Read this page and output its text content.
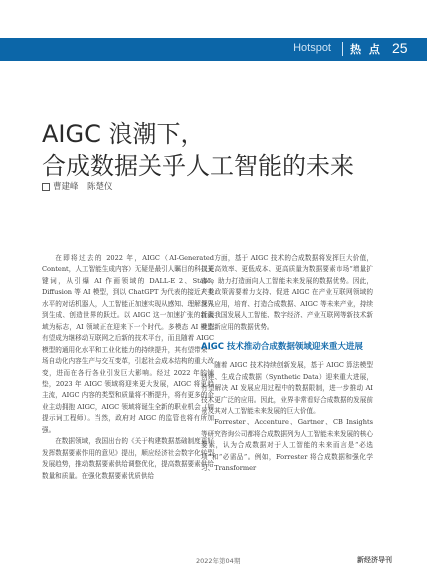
Hotspot 热 点 25
AIGC 浪潮下，
合成数据关乎人工智能的未来
曹建峰　陈楚仪

在即将过去的 2022 年，AIGC（AI-Generated Content，人工智能生成内容）无疑是最引人瞩目的科技关键词，从引爆 AI 作画领域的 DALL-E 2、Stable Diffusion 等 AI 模型，到以 ChatGPT 为代表的接近人类水平的对话机器人，人工智能正加速实现从感知、理解世界到生成、创造世界的跃迁。以 AIGC 这一加速扩张的新疆域为标志，AI 领域正在迎来下一个时代。多模态 AI 模型有望成为继移动互联网之后新的技术平台，而且随着 AIGC 模型的通用化水平和工业化能力的持续提升，其有望带来一场自动化内容生产与交互变革，引起社会成本结构的重大改变，进而在各行各业引发巨大影响。经过 2022 年的铺垫，2023 年 AIGC 领域将迎来更大发展，AIGC 将更趋主流，AIGC 内容的类型和质量将不断提升，将有更多的企业主动拥抱 AIGC，AIGC 领域将诞生全新的职业机会（如提示词工程师）。当然，政府对 AIGC 的监管也将有所加强。

在数据领域，我国出台的《关于构建数据基础制度更好发挥数据要素作用的意见》提出，顺应经济社会数字化转型发展趋势，推动数据要素供给调整优化，提高数据要素供给数量和质量。在强化数据要素优质供给

方面，基于 AIGC 技术的合成数据将发挥巨大价值，以更高效率、更低成本、更高质量为数据要素市场“增量扩容”，助力打造面向人工智能未来发展的数据优势。因此，产业政策需要着力支持、促进 AIGC 在产业互联网领域的深入应用，培育、打造合成数据、AIGC 等未来产业，持续壮大我国发展人工智能、数字经济、产业互联网等新技术新业态新应用的数据优势。

AIGC 技术推动合成数据领域迎来重大进展

随着 AIGC 技术持续创新发展，基于 AIGC 算法模型创建、生成合成数据（Synthetic Data）迎来重大进展，有望解决 AI 发展应用过程中的数据限制，进一步推动 AI 技术更广泛的应用。因此，业界非常看好合成数据的发展前景及其对人工智能未来发展的巨大价值。

Forrester、Accenture、Gartner、CB Insights 等研究咨询公司都将合成数据列为人工智能未来发展的核心要素，认为合成数据对于人工智能的未来而言是“必选项”和“必需品”。例如，Forrester 将合成数据和强化学习、Transformer

2022年第04期	新经济导刊
